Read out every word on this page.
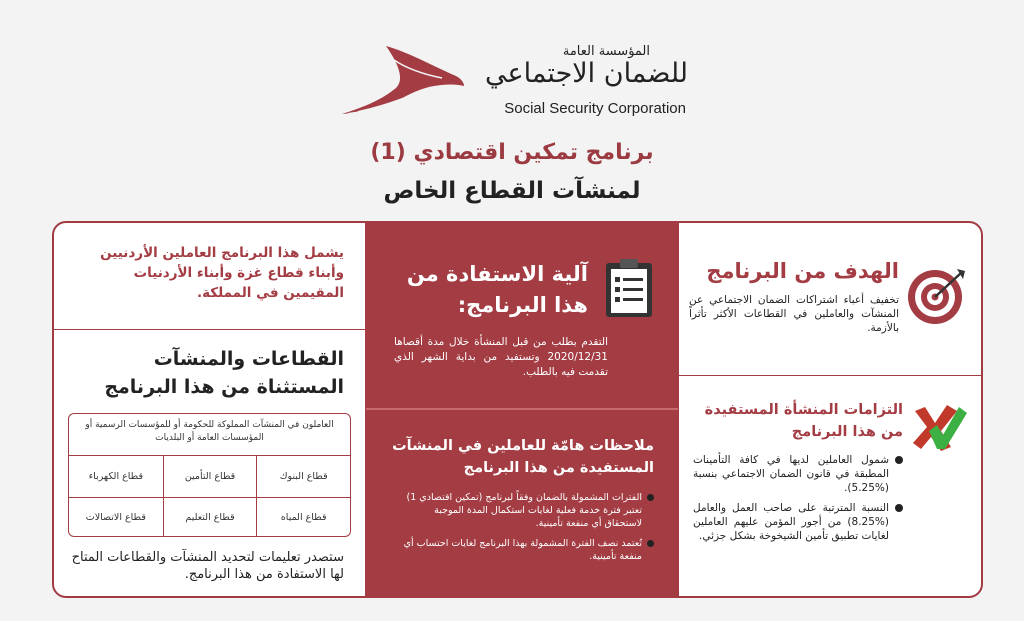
المؤسسة العامة
للضمان الاجتماعي
Social Security Corporation
برنامج تمكين اقتصادي (1)
لمنشآت القطاع الخاص
الهدف من البرنامج
تخفيف أعباء اشتراكات الضمان الاجتماعي عن المنشآت والعاملين في القطاعات الأكثر تأثراً بالأزمة.
التزامات المنشأة المستفيدة من هذا البرنامج
شمول العاملين لديها في كافة التأمينات المطبقة في قانون الضمان الاجتماعي بنسبة (%5.25).
النسبة المترتبة على صاحب العمل والعامل (%8.25) من أجور المؤمن عليهم العاملين لغايات تطبيق تأمين الشيخوخة بشكل جزئي.
آلية الاستفادة من هذا البرنامج:
التقدم بطلب من قبل المنشأة خلال مدة أقصاها 2020/12/31 وتستفيد من بداية الشهر الذي تقدمت فيه بالطلب.
ملاحظات هامّة للعاملين في المنشآت المستفيدة من هذا البرنامج
الفترات المشمولة بالضمان وفقاً لبرنامج (تمكين اقتصادي 1) تعتبر فترة خدمة فعلية لغايات استكمال المدة الموجبة لاستحقاق أي منفعة تأمينية.
تُعتمد نصف الفترة المشمولة بهذا البرنامج لغايات احتساب أي منفعة تأمينية.
يشمل هذا البرنامج العاملين الأردنيين وأبناء قطاع غزة وأبناء الأردنيات المقيمين في المملكة.
القطاعات والمنشآت المستثناة من هذا البرنامج
العاملون في المنشآت المملوكة للحكومة أو للمؤسسات الرسمية أو المؤسسات العامة أو البلديات
قطاع البنوك
قطاع التأمين
قطاع الكهرباء
قطاع المياه
قطاع التعليم
قطاع الاتصالات
ستصدر تعليمات لتحديد المنشآت والقطاعات المتاح لها الاستفادة من هذا البرنامج.
